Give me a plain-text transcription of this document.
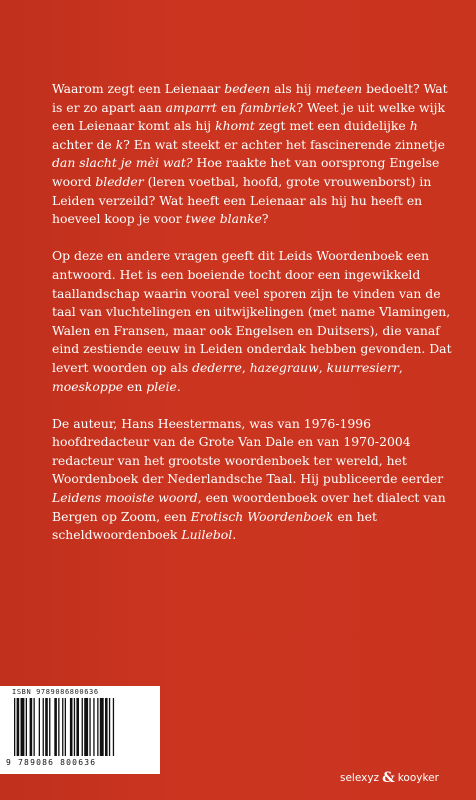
Waarom zegt een Leienaar bedeen als hij meteen bedoelt? Wat is er zo apart aan amparrt en fambriek? Weet je uit welke wijk een Leienaar komt als hij khomt zegt met een duidelijke h achter de k? En wat steekt er achter het fascinerende zinnetje dan slacht je mèi wat? Hoe raakte het van oorsprong Engelse woord bledder (leren voetbal, hoofd, grote vrouwenborst) in Leiden verzeild? Wat heeft een Leienaar als hij hu heeft en hoeveel koop je voor twee blanke?

Op deze en andere vragen geeft dit Leids Woordenboek een antwoord. Het is een boeiende tocht door een ingewikkeld taallandschap waarin vooral veel sporen zijn te vinden van de taal van vluchtelingen en uitwijkelingen (met name Vlamingen, Walen en Fransen, maar ook Engelsen en Duitsers), die vanaf eind zestiende eeuw in Leiden onderdak hebben gevonden. Dat levert woorden op als dederre, hazegrauw, kuurresierr, moeskoppe en pleie.

De auteur, Hans Heestermans, was van 1976-1996 hoofdredacteur van de Grote Van Dale en van 1970-2004 redacteur van het grootste woordenboek ter wereld, het Woordenboek der Nederlandsche Taal. Hij publiceerde eerder Leidens mooiste woord, een woordenboek over het dialect van Bergen op Zoom, een Erotisch Woordenboek en het scheldwoordenboek Luilebol.

ISBN 9789086800636
9 789086 800636
selexyz & kooyker
